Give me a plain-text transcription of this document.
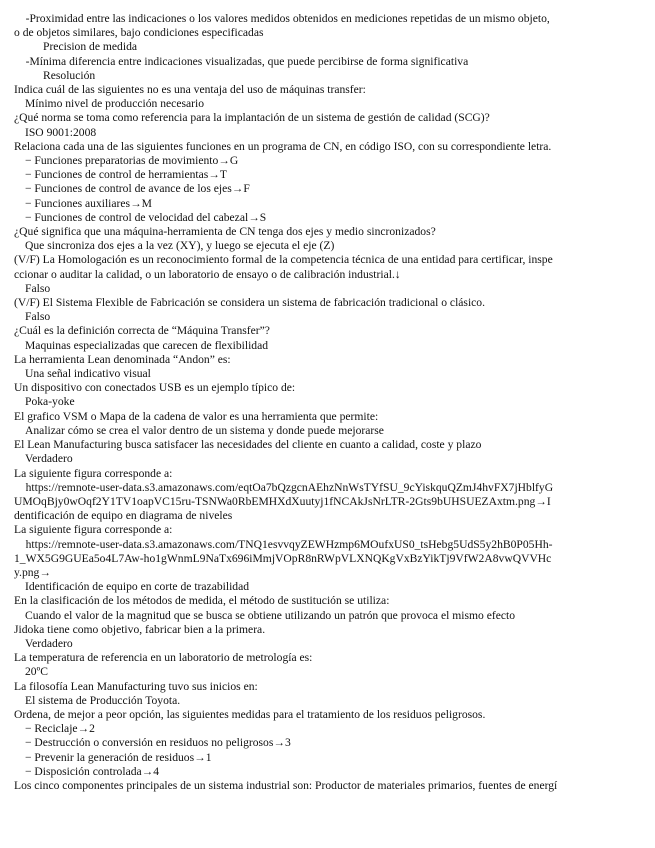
-Proximidad entre las indicaciones o los valores medidos obtenidos en mediciones repetidas de un mismo objeto,
o de objetos similares, bajo condiciones especificadas
Precision de medida
-Mínima diferencia entre indicaciones visualizadas, que puede percibirse de forma significativa
Resolución
Indica cuál de las siguientes no es una ventaja del uso de máquinas transfer:
Mínimo nivel de producción necesario
¿Qué norma se toma como referencia para la implantación de un sistema de gestión de calidad (SCG)?
ISO 9001:2008
Relaciona cada una de las siguientes funciones en un programa de CN, en código ISO, con su correspondiente letra.
− Funciones preparatorias de movimiento→G
− Funciones de control de herramientas→T
− Funciones de control de avance de los ejes→F
− Funciones auxiliares→M
− Funciones de control de velocidad del cabezal→S
¿Qué significa que una máquina-herramienta de CN tenga dos ejes y medio sincronizados?
Que sincroniza dos ejes a la vez (XY), y luego se ejecuta el eje (Z)
(V/F) La Homologación es un reconocimiento formal de la competencia técnica de una entidad para certificar, inspe
ccionar o auditar la calidad, o un laboratorio de ensayo o de calibración industrial.↓
Falso
(V/F) El Sistema Flexible de Fabricación se considera un sistema de fabricación tradicional o clásico.
Falso
¿Cuál es la definición correcta de “Máquina Transfer”?
Maquinas especializadas que carecen de flexibilidad
La herramienta Lean denominada “Andon” es:
Una señal indicativo visual
Un dispositivo con conectados USB es un ejemplo típico de:
Poka-yoke
El grafico VSM o Mapa de la cadena de valor es una herramienta que permite:
Analizar cómo se crea el valor dentro de un sistema y donde puede mejorarse
El Lean Manufacturing busca satisfacer las necesidades del cliente en cuanto a calidad, coste y plazo
Verdadero
La siguiente figura corresponde a:
https://remnote-user-data.s3.amazonaws.com/eqtOa7bQzgcnAEhzNnWsTYfSU_9cYiskquQZmJ4hvFX7jHblfyG
UMOqBjy0wOqf2Y1TV1oapVC15ru-TSNWa0RbEMHXdXuutyj1fNCAkJsNrLTR-2Gts9bUHSUEZAxtm.png→I
dentificación de equipo en diagrama de niveles
La siguiente figura corresponde a:
https://remnote-user-data.s3.amazonaws.com/TNQ1esvvqyZEWHzmp6MOufxUS0_tsHebg5UdS5y2hB0P05Hh-
1_WX5G9GUEa5o4L7Aw-ho1gWnmL9NaTx696iMmjVOpR8nRWpVLXNQKgVxBzYikTj9VfW2A8vwQVVHc
y.png→
Identificación de equipo en corte de trazabilidad
En la clasificación de los métodos de medida, el método de sustitución se utiliza:
Cuando el valor de la magnitud que se busca se obtiene utilizando un patrón que provoca el mismo efecto
Jidoka tiene como objetivo, fabricar bien a la primera.
Verdadero
La temperatura de referencia en un laboratorio de metrología es:
20ºC
La filosofía Lean Manufacturing tuvo sus inicios en:
El sistema de Producción Toyota.
Ordena, de mejor a peor opción, las siguientes medidas para el tratamiento de los residuos peligrosos.
− Reciclaje→2
− Destrucción o conversión en residuos no peligrosos→3
− Prevenir la generación de residuos→1
− Disposición controlada→4
Los cinco componentes principales de un sistema industrial son: Productor de materiales primarios, fuentes de energí
